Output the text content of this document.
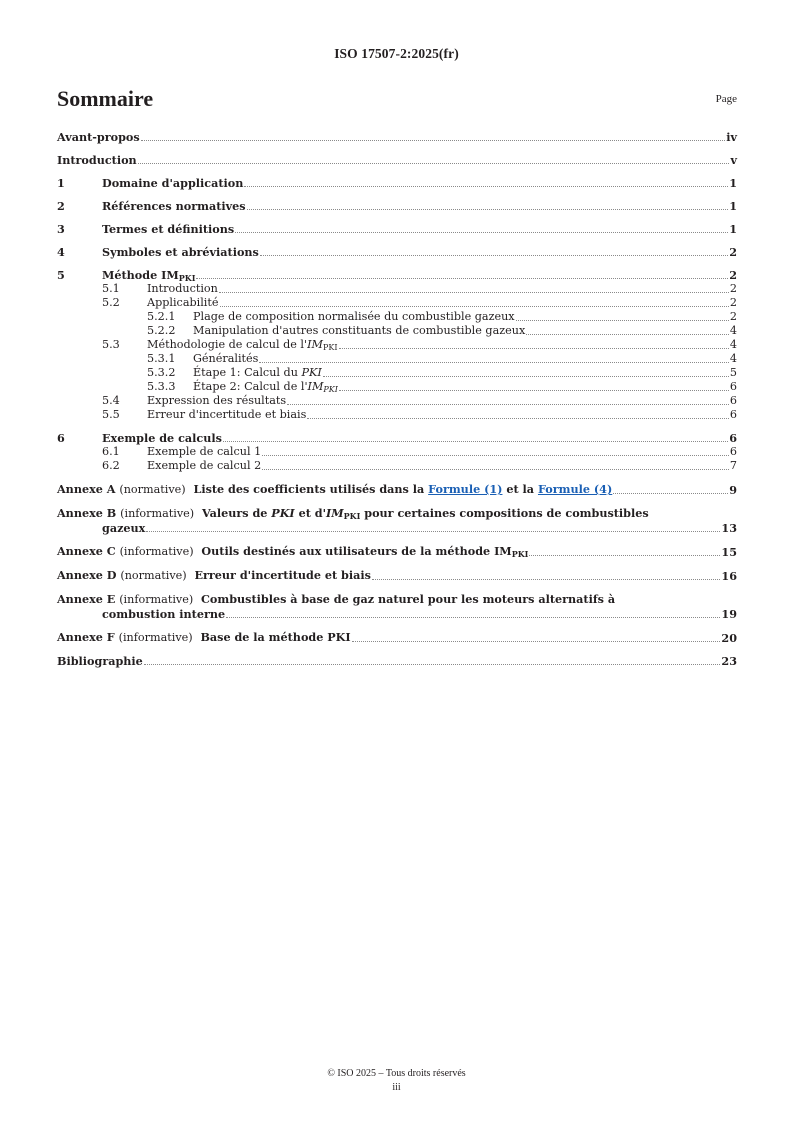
ISO 17507-2:2025(fr)
Sommaire	Page
Avant-propos	iv
Introduction	v
1	Domaine d'application	1
2	Références normatives	1
3	Termes et définitions	1
4	Symboles et abréviations	2
5	Méthode $IM_{PKI}$	2
5.1	Introduction	2
5.2	Applicabilité	2
5.2.1	Plage de composition normalisée du combustible gazeux	2
5.2.2	Manipulation d'autres constituants de combustible gazeux	4
5.3	Méthodologie de calcul de $l'IM_{PKI}$	4
5.3.1	Généralités	4
5.3.2	Étape 1: Calcul du PKI	5
5.3.3	Étape 2: Calcul de $l'IM_{PKI}$	6
5.4	Expression des résultats	6
5.5	Erreur d'incertitude et biais	6
6	Exemple de calculs	6
6.1	Exemple de calcul 1	6
6.2	Exemple de calcul 2	7
Annexe A (normative) Liste des coefficients utilisés dans la Formule (1) et la Formule (4)	9
Annexe B (informative) Valeurs de PKI et $d'IM_{PKI}$ pour certaines compositions de combustibles
gazeux	13
Annexe C (informative) Outils destinés aux utilisateurs de la méthode $IM_{PKI}$	15
Annexe D (normative) Erreur d'incertitude et biais	16
Annexe E (informative) Combustibles à base de gaz naturel pour les moteurs alternatifs à
combustion interne	19
Annexe F (informative) Base de la méthode PKI	20
Bibliographie	23
© ISO 2025 – Tous droits réservés
iii
